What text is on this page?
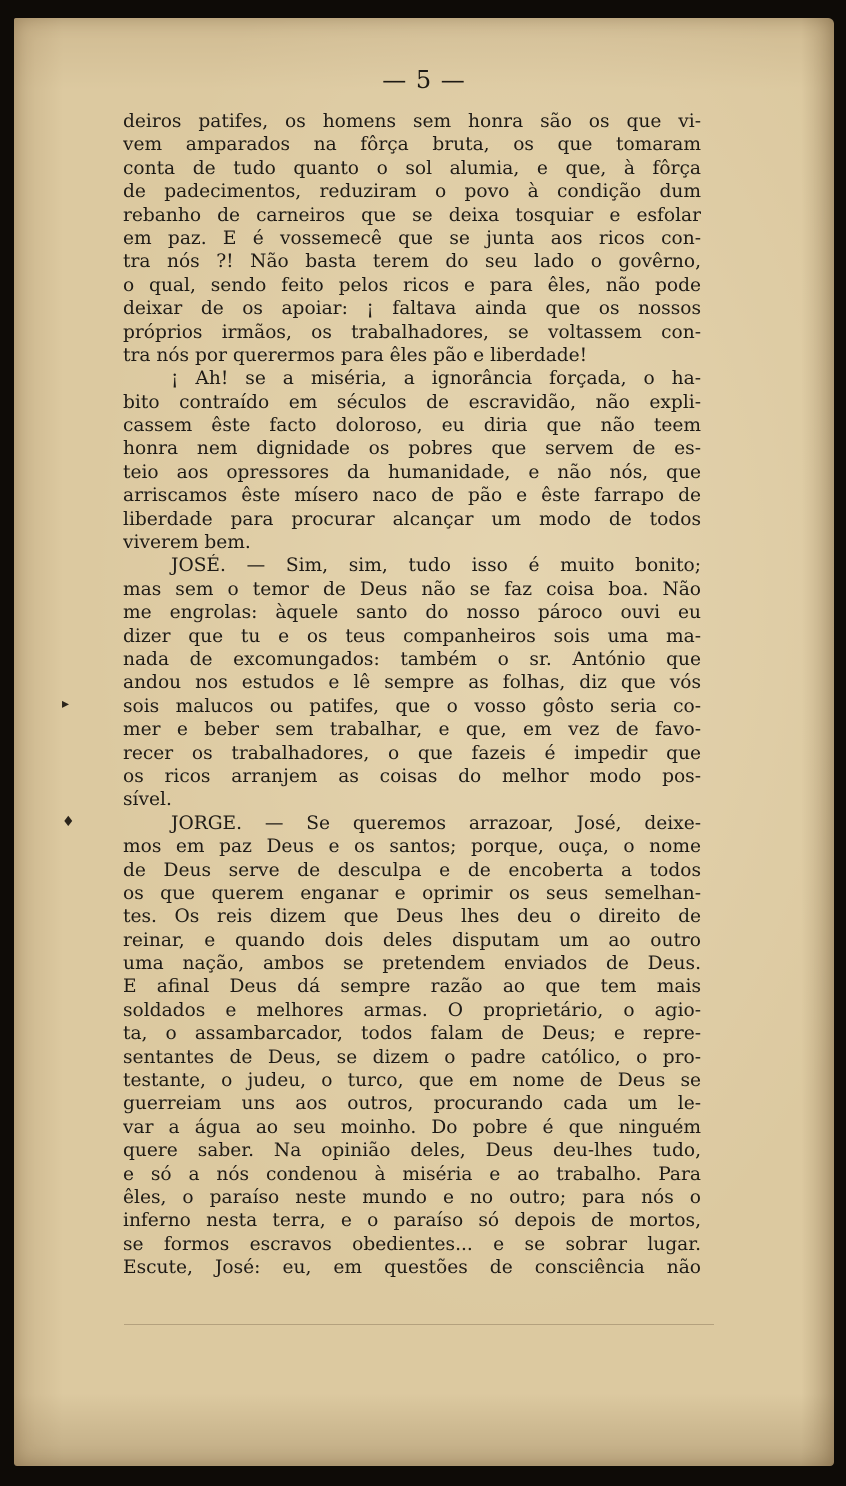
— 5 —
▸
♦
deiros patifes, os homens sem honra são os que vi-
vem amparados na fôrça bruta, os que tomaram
conta de tudo quanto o sol alumia, e que, à fôrça
de padecimentos, reduziram o povo à condição dum
rebanho de carneiros que se deixa tosquiar e esfolar
em paz. E é vossemecê que se junta aos ricos con-
tra nós ?! Não basta terem do seu lado o govêrno,
o qual, sendo feito pelos ricos e para êles, não pode
deixar de os apoiar: ¡ faltava ainda que os nossos
próprios irmãos, os trabalhadores, se voltassem con-
tra nós por querermos para êles pão e liberdade!
¡ Ah! se a miséria, a ignorância forçada, o ha-
bito contraído em séculos de escravidão, não expli-
cassem êste facto doloroso, eu diria que não teem
honra nem dignidade os pobres que servem de es-
teio aos opressores da humanidade, e não nós, que
arriscamos êste mísero naco de pão e êste farrapo de
liberdade para procurar alcançar um modo de todos
viverem bem.
JOSÉ. — Sim, sim, tudo isso é muito bonito;
mas sem o temor de Deus não se faz coisa boa. Não
me engrolas: àquele santo do nosso pároco ouvi eu
dizer que tu e os teus companheiros sois uma ma-
nada de excomungados: também o sr. António que
andou nos estudos e lê sempre as folhas, diz que vós
sois malucos ou patifes, que o vosso gôsto seria co-
mer e beber sem trabalhar, e que, em vez de favo-
recer os trabalhadores, o que fazeis é impedir que
os ricos arranjem as coisas do melhor modo pos-
sível.
JORGE. — Se queremos arrazoar, José, deixe-
mos em paz Deus e os santos; porque, ouça, o nome
de Deus serve de desculpa e de encoberta a todos
os que querem enganar e oprimir os seus semelhan-
tes. Os reis dizem que Deus lhes deu o direito de
reinar, e quando dois deles disputam um ao outro
uma nação, ambos se pretendem enviados de Deus.
E afinal Deus dá sempre razão ao que tem mais
soldados e melhores armas. O proprietário, o agio-
ta, o assambarcador, todos falam de Deus; e repre-
sentantes de Deus, se dizem o padre católico, o pro-
testante, o judeu, o turco, que em nome de Deus se
guerreiam uns aos outros, procurando cada um le-
var a água ao seu moinho. Do pobre é que ninguém
quere saber. Na opinião deles, Deus deu-lhes tudo,
e só a nós condenou à miséria e ao trabalho. Para
êles, o paraíso neste mundo e no outro; para nós o
inferno nesta terra, e o paraíso só depois de mortos,
se formos escravos obedientes... e se sobrar lugar.
Escute, José: eu, em questões de consciência não
